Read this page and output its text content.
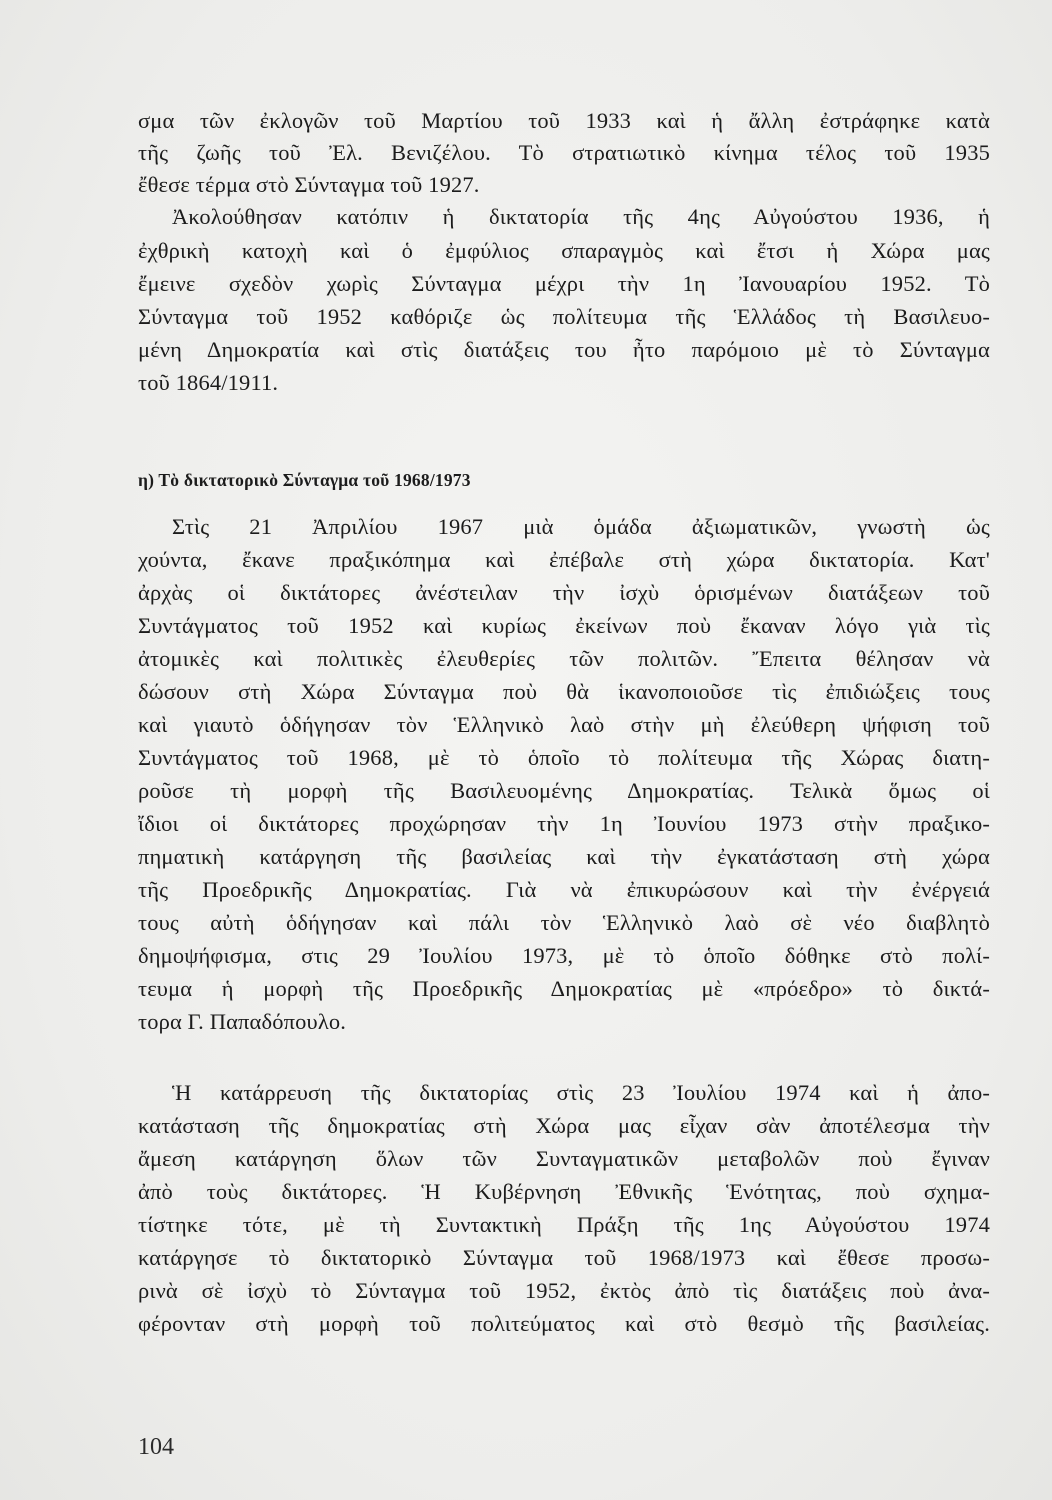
σμα τῶν ἐκλογῶν τοῦ Μαρτίου τοῦ 1933 καὶ ἡ ἄλλη ἐστράφηκε κατὰ
τῆς ζωῆς τοῦ Ἐλ. Βενιζέλου. Τὸ στρατιωτικὸ κίνημα τέλος τοῦ 1935
ἔθεσε τέρμα στὸ Σύνταγμα τοῦ 1927.
Ἀκολούθησαν κατόπιν ἡ δικτατορία τῆς 4ης Αὐγούστου 1936, ἡ
ἐχθρικὴ κατοχὴ καὶ ὁ ἐμφύλιος σπαραγμὸς καὶ ἔτσι ἡ Χώρα μας
ἔμεινε σχεδὸν χωρὶς Σύνταγμα μέχρι τὴν 1η Ἰανουαρίου 1952. Τὸ
Σύνταγμα τοῦ 1952 καθόριζε ὡς πολίτευμα τῆς Ἑλλάδος τὴ Βασιλευο-
μένη Δημοκρατία καὶ στὶς διατάξεις του ἦτο παρόμοιο μὲ τὸ Σύνταγμα
τοῦ 1864/1911.
η) Τὸ δικτατορικὸ Σύνταγμα τοῦ 1968/1973
Στὶς 21 Ἀπριλίου 1967 μιὰ ὁμάδα ἀξιωματικῶν, γνωστὴ ὡς
χούντα, ἔκανε πραξικόπημα καὶ ἐπέβαλε στὴ χώρα δικτατορία. Κατ'
ἀρχὰς οἱ δικτάτορες ἀνέστειλαν τὴν ἰσχὺ ὁρισμένων διατάξεων τοῦ
Συντάγματος τοῦ 1952 καὶ κυρίως ἐκείνων ποὺ ἔκαναν λόγο γιὰ τὶς
ἀτομικὲς καὶ πολιτικὲς ἐλευθερίες τῶν πολιτῶν. Ἔπειτα θέλησαν νὰ
δώσουν στὴ Χώρα Σύνταγμα ποὺ θὰ ἱκανοποιοῦσε τὶς ἐπιδιώξεις τους
καὶ γιαυτὸ ὁδήγησαν τὸν Ἑλληνικὸ λαὸ στὴν μὴ ἐλεύθερη ψήφιση τοῦ
Συντάγματος τοῦ 1968, μὲ τὸ ὁποῖο τὸ πολίτευμα τῆς Χώρας διατη-
ροῦσε τὴ μορφὴ τῆς Βασιλευομένης Δημοκρατίας. Τελικὰ ὅμως οἱ
ἴδιοι οἱ δικτάτορες προχώρησαν τὴν 1η Ἰουνίου 1973 στὴν πραξικο-
πηματικὴ κατάργηση τῆς βασιλείας καὶ τὴν ἐγκατάσταση στὴ χώρα
τῆς Προεδρικῆς Δημοκρατίας. Γιὰ νὰ ἐπικυρώσουν καὶ τὴν ἐνέργειά
τους αὐτὴ ὁδήγησαν καὶ πάλι τὸν Ἑλληνικὸ λαὸ σὲ νέο διαβλητὸ
δημοψήφισμα, στις 29 Ἰουλίου 1973, μὲ τὸ ὁποῖο δόθηκε στὸ πολί-
τευμα ἡ μορφὴ τῆς Προεδρικῆς Δημοκρατίας μὲ «πρόεδρο» τὸ δικτά-
τορα Γ. Παπαδόπουλο.
Ἡ κατάρρευση τῆς δικτατορίας στὶς 23 Ἰουλίου 1974 καὶ ἡ ἀπο-
κατάσταση τῆς δημοκρατίας στὴ Χώρα μας εἶχαν σὰν ἀποτέλεσμα τὴν
ἄμεση κατάργηση ὅλων τῶν Συνταγματικῶν μεταβολῶν ποὺ ἔγιναν
ἀπὸ τοὺς δικτάτορες. Ἡ Κυβέρνηση Ἐθνικῆς Ἑνότητας, ποὺ σχημα-
τίστηκε τότε, μὲ τὴ Συντακτικὴ Πράξη τῆς 1ης Αὐγούστου 1974
κατάργησε τὸ δικτατορικὸ Σύνταγμα τοῦ 1968/1973 καὶ ἔθεσε προσω-
ρινὰ σὲ ἰσχὺ τὸ Σύνταγμα τοῦ 1952, ἐκτὸς ἀπὸ τὶς διατάξεις ποὺ ἀνα-
φέρονταν στὴ μορφὴ τοῦ πολιτεύματος καὶ στὸ θεσμὸ τῆς βασιλείας.
104
